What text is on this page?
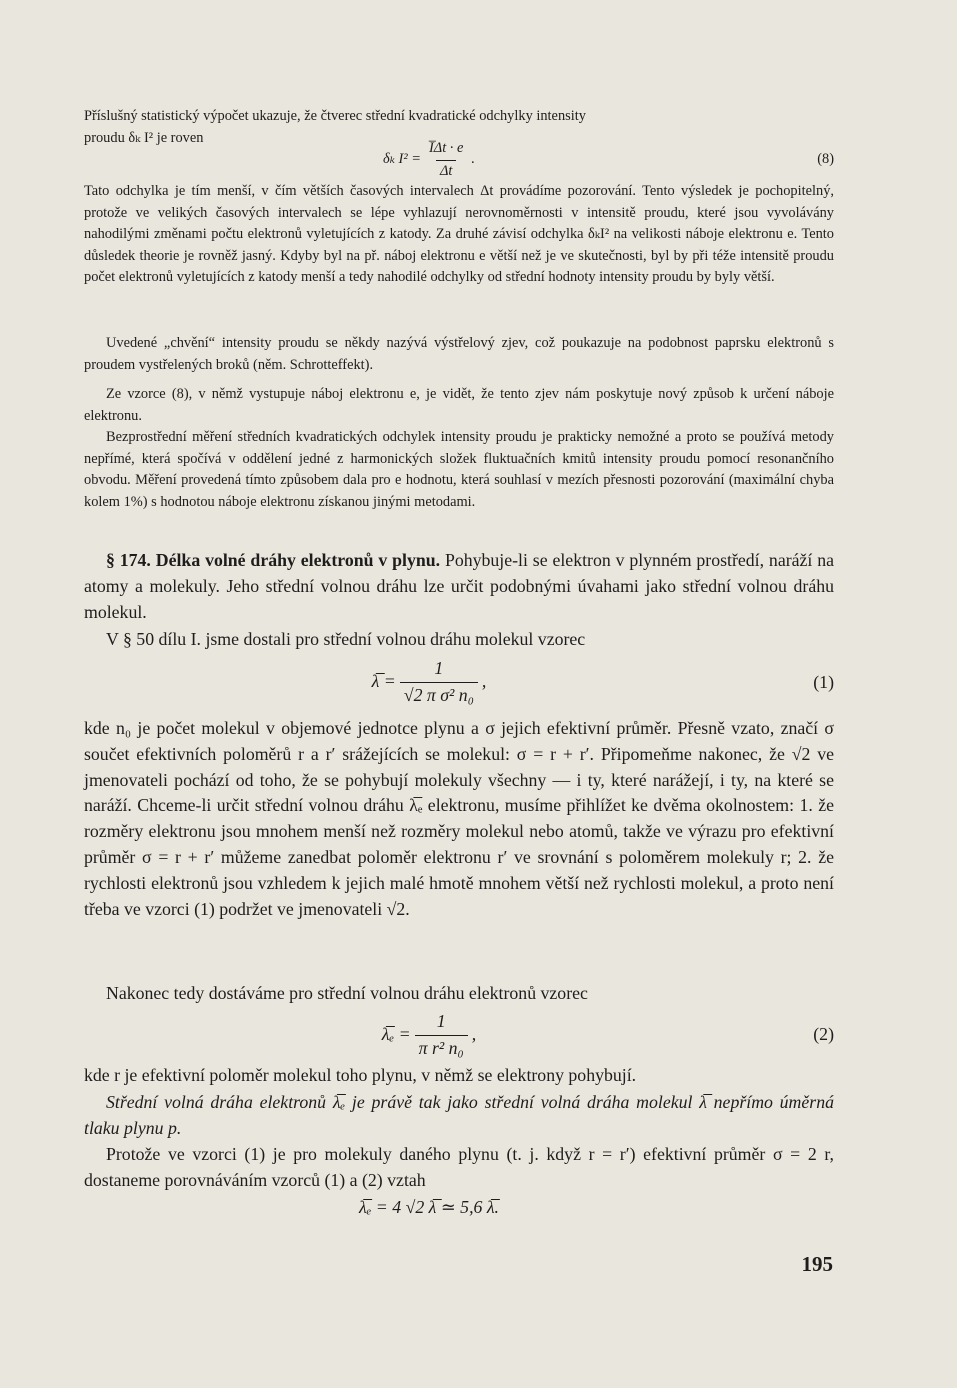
Příslušný statistický výpočet ukazuje, že čtverec střední kvadratické odchylky intensity
proudu δₖ I² je roven

δₖ $I^2 = \frac{I̅\Delta t \cdot e}{\Delta t}$ .	(8)

Tato odchylka je tím menší, v čím větších časových intervalech Δt provádíme pozorování. Tento výsledek je pochopitelný, protože ve velikých časových intervalech se lépe vyhlazují nerovnoměrnosti v intensitě proudu, které jsou vyvolávány nahodilými změnami počtu elektronů vyletujících z katody. Za druhé závisí odchylka δₖI² na velikosti náboje elektronu e. Tento důsledek theorie je rovněž jasný. Kdyby byl na př. náboj elektronu e větší než je ve skutečnosti, byl by při téže intensitě proudu počet elektronů vyletujících z katody menší a tedy nahodilé odchylky od střední hodnoty intensity proudu by byly větší.

Uvedené „chvění“ intensity proudu se někdy nazývá výstřelový zjev, což poukazuje na podobnost paprsku elektronů s proudem vystřelených broků (něm. Schrotteffekt).

Ze vzorce (8), v němž vystupuje náboj elektronu e, je vidět, že tento zjev nám poskytuje nový způsob k určení náboje elektronu.

Bezprostřední měření středních kvadratických odchylek intensity proudu je prakticky nemožné a proto se používá metody nepřímé, která spočívá v oddělení jedné z harmonických složek fluktuačních kmitů intensity proudu pomocí resonančního obvodu. Měření provedená tímto způsobem dala pro e hodnotu, která souhlasí v mezích přesnosti pozorování (maximální chyba kolem 1%) s hodnotou náboje elektronu získanou jinými metodami.

§ 174. Délka volné dráhy elektronů v plynu. Pohybuje-li se elektron v plynném prostředí, naráží na atomy a molekuly. Jeho střední volnou dráhu lze určit podobnými úvahami jako střední volnou dráhu molekul.

V § 50 dílu I. jsme dostali pro střední volnou dráhu molekul vzorec

λ̅ = $\frac{1}{\text{√2 π σ² n₀}}$ ,	(1)

kde n₀ je počet molekul v objemové jednotce plynu a σ jejich efektivní průměr. Přesně vzato, značí σ součet efektivních poloměrů r a r′ srážejících se molekul: σ = r + r′. Připomeňme nakonec, že √2 ve jmenovateli pochází od toho, že se pohybují molekuly všechny — i ty, které narážejí, i ty, na které se naráží. Chceme-li určit střední volnou dráhu λ̅ₑ elektronu, musíme přihlížet ke dvěma okolnostem: 1. že rozměry elektronu jsou mnohem menší než rozměry molekul nebo atomů, takže ve výrazu pro efektivní průměr σ = r + r′ můžeme zanedbat poloměr elektronu r′ ve srovnání s poloměrem molekuly r; 2. že rychlosti elektronů jsou vzhledem k jejich malé hmotě mnohem větší než rychlosti molekul, a proto není třeba ve vzorci (1) podržet ve jmenovateli √2.

Nakonec tedy dostáváme pro střední volnou dráhu elektronů vzorec

λ̅ₑ = $\frac{1}{\text{π r² n₀}}$ ,	(2)

kde r je efektivní poloměr molekul toho plynu, v němž se elektrony pohybují.

Střední volná dráha elektronů λ̅ₑ je právě tak jako střední volná dráha molekul λ̅ nepřímo úměrná tlaku plynu p.

Protože ve vzorci (1) je pro molekuly daného plynu (t. j. když r = r′) efektivní průměr σ = 2 r, dostaneme porovnáváním vzorců (1) a (2) vztah

λ̅ₑ = 4 √2 λ̅ ≃ 5,6 λ̅.
195
